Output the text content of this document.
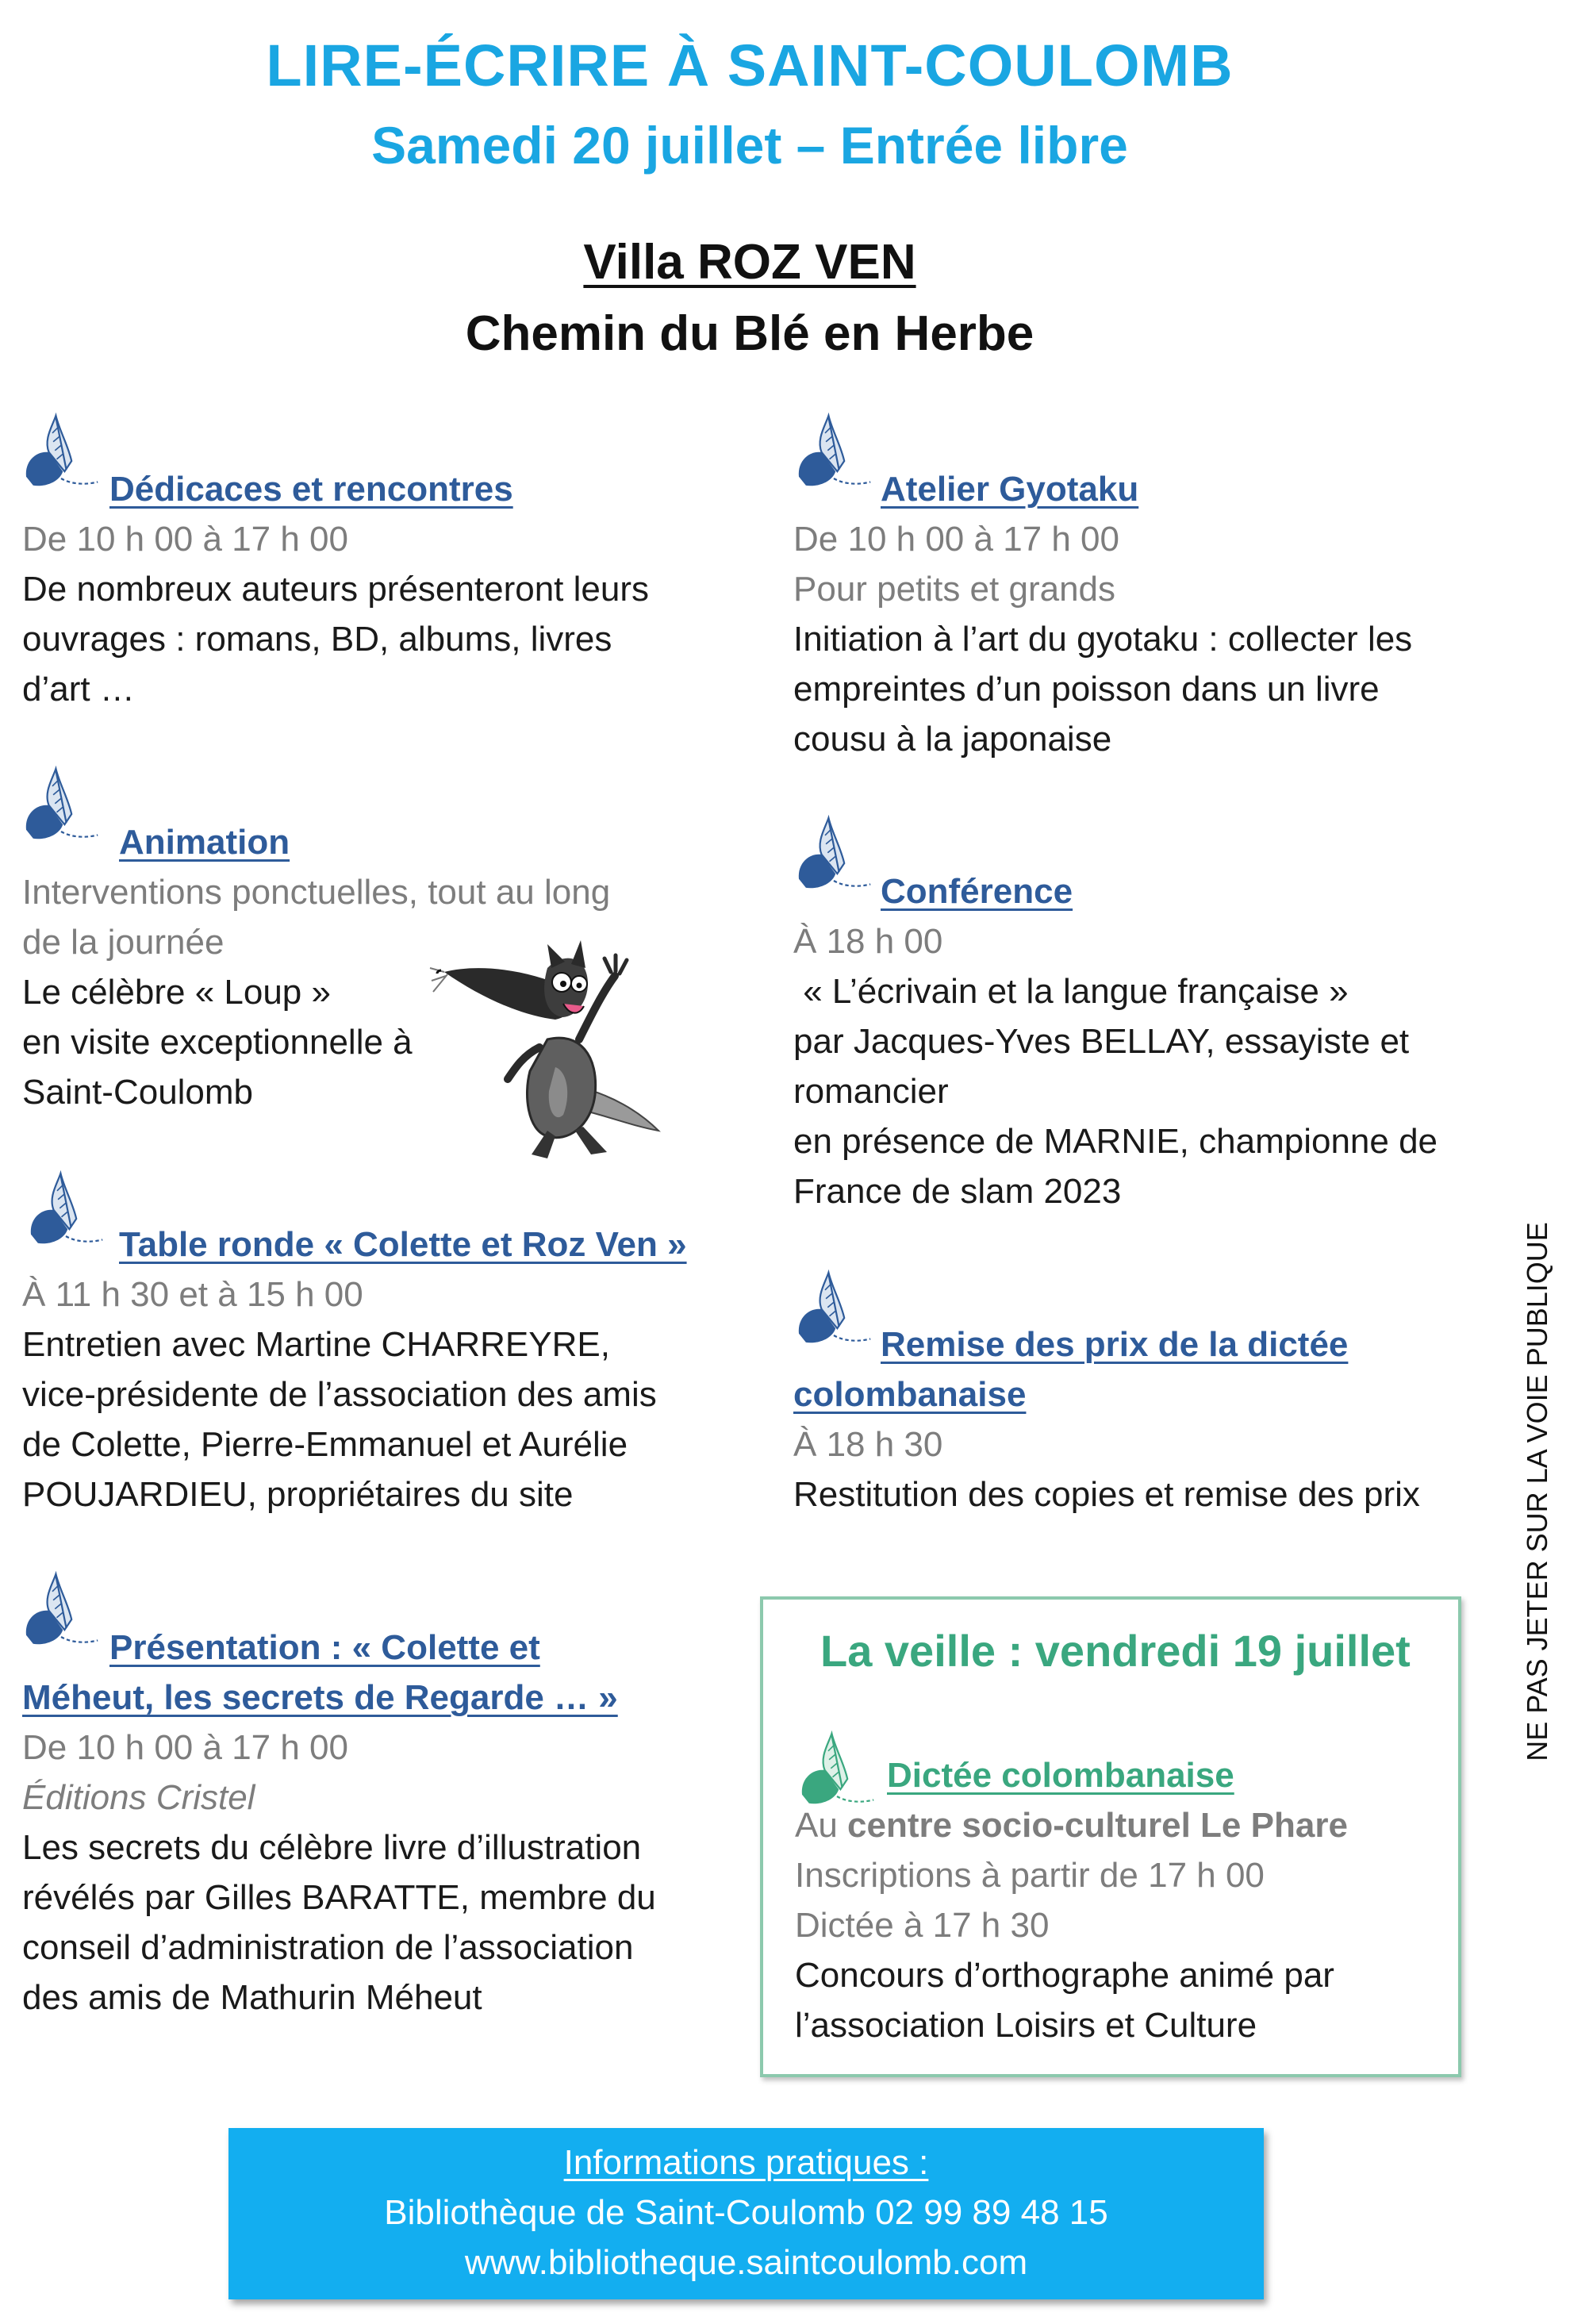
LIRE-ÉCRIRE À SAINT-COULOMB
Samedi 20 juillet – Entrée libre
Villa ROZ VEN
Chemin du Blé en Herbe
Dédicaces et rencontres
De 10 h 00 à 17 h 00
De nombreux auteurs présenteront leurs
ouvrages : romans, BD, albums, livres
d’art …
Atelier Gyotaku
De 10 h 00 à 17 h 00
Pour petits et grands
Initiation à l’art du gyotaku : collecter les
empreintes d’un poisson dans un livre
cousu à la japonaise
Animation
Interventions ponctuelles, tout au long
de la journée
Le célèbre « Loup »
en visite exceptionnelle à
Saint-Coulomb
Conférence
À 18 h 00
« L’écrivain et la langue française »
par Jacques-Yves BELLAY, essayiste et
romancier
en présence de MARNIE, championne de
France de slam 2023
Table ronde « Colette et Roz Ven »
À 11 h 30 et à 15 h 00
Entretien avec Martine CHARREYRE,
vice-présidente de l’association des amis
de Colette, Pierre-Emmanuel et Aurélie
POUJARDIEU, propriétaires du site
Remise des prix de la dictée
colombanaise
À 18 h 30
Restitution des copies et remise des prix
Présentation : « Colette et
Méheut, les secrets de Regarde … »
De 10 h 00 à 17 h 00
Éditions Cristel
Les secrets du célèbre livre d’illustration
révélés par Gilles BARATTE, membre du
conseil d’administration de l’association
des amis de Mathurin Méheut
La veille : vendredi 19 juillet
Dictée colombanaise
Au centre socio-culturel Le Phare
Inscriptions à partir de 17 h 00
Dictée à 17 h 30
Concours d’orthographe animé par
l’association Loisirs et Culture
NE PAS JETER SUR LA VOIE PUBLIQUE
Informations pratiques :
Bibliothèque de Saint-Coulomb 02 99 89 48 15
www.bibliotheque.saintcoulomb.com
